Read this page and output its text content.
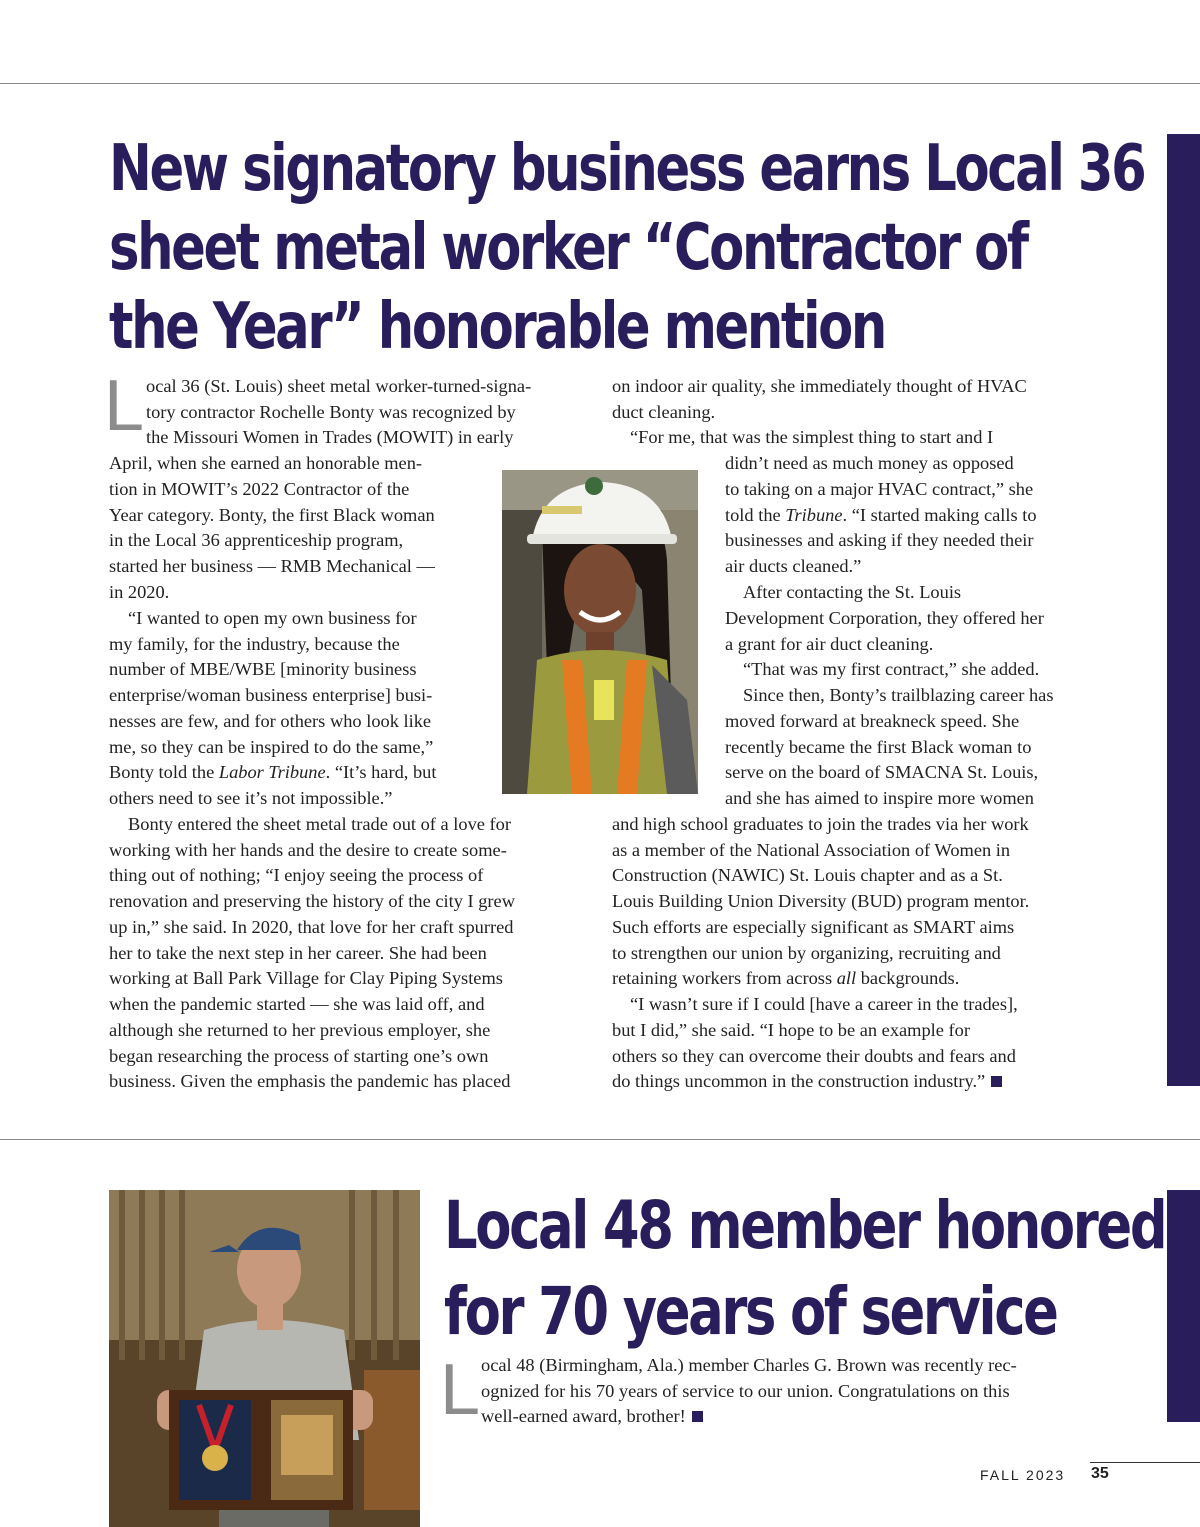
New signatory business earns Local 36
sheet metal worker “Contractor of
the Year” honorable mention
L ocal 36 (St. Louis) sheet metal worker-turned-signa-
tory contractor Rochelle Bonty was recognized by
the Missouri Women in Trades (MOWIT) in early
April, when she earned an honorable men-
tion in MOWIT’s 2022 Contractor of the
Year category. Bonty, the first Black woman
in the Local 36 apprenticeship program,
started her business — RMB Mechanical —
in 2020.
“I wanted to open my own business for
my family, for the industry, because the
number of MBE/WBE [minority business
enterprise/woman business enterprise] busi-
nesses are few, and for others who look like
me, so they can be inspired to do the same,”
Bonty told the Labor Tribune. “It’s hard, but
others need to see it’s not impossible.”
Bonty entered the sheet metal trade out of a love for
working with her hands and the desire to create some-
thing out of nothing; “I enjoy seeing the process of
renovation and preserving the history of the city I grew
up in,” she said. In 2020, that love for her craft spurred
her to take the next step in her career. She had been
working at Ball Park Village for Clay Piping Systems
when the pandemic started — she was laid off, and
although she returned to her previous employer, she
began researching the process of starting one’s own
business. Given the emphasis the pandemic has placed
on indoor air quality, she immediately thought of HVAC
duct cleaning.
“For me, that was the simplest thing to start and I
didn’t need as much money as opposed
to taking on a major HVAC contract,” she
told the Tribune. “I started making calls to
businesses and asking if they needed their
air ducts cleaned.”
After contacting the St. Louis
Development Corporation, they offered her
a grant for air duct cleaning.
“That was my first contract,” she added.
Since then, Bonty’s trailblazing career has
moved forward at breakneck speed. She
recently became the first Black woman to
serve on the board of SMACNA St. Louis,
and she has aimed to inspire more women
and high school graduates to join the trades via her work
as a member of the National Association of Women in
Construction (NAWIC) St. Louis chapter and as a St.
Louis Building Union Diversity (BUD) program mentor.
Such efforts are especially significant as SMART aims
to strengthen our union by organizing, recruiting and
retaining workers from across all backgrounds.
“I wasn’t sure if I could [have a career in the trades],
but I did,” she said. “I hope to be an example for
others so they can overcome their doubts and fears and
do things uncommon in the construction industry.”
Local 48 member honored
for 70 years of service
L ocal 48 (Birmingham, Ala.) member Charles G. Brown was recently rec-
ognized for his 70 years of service to our union. Congratulations on this
well-earned award, brother!
FALL 2023 35
